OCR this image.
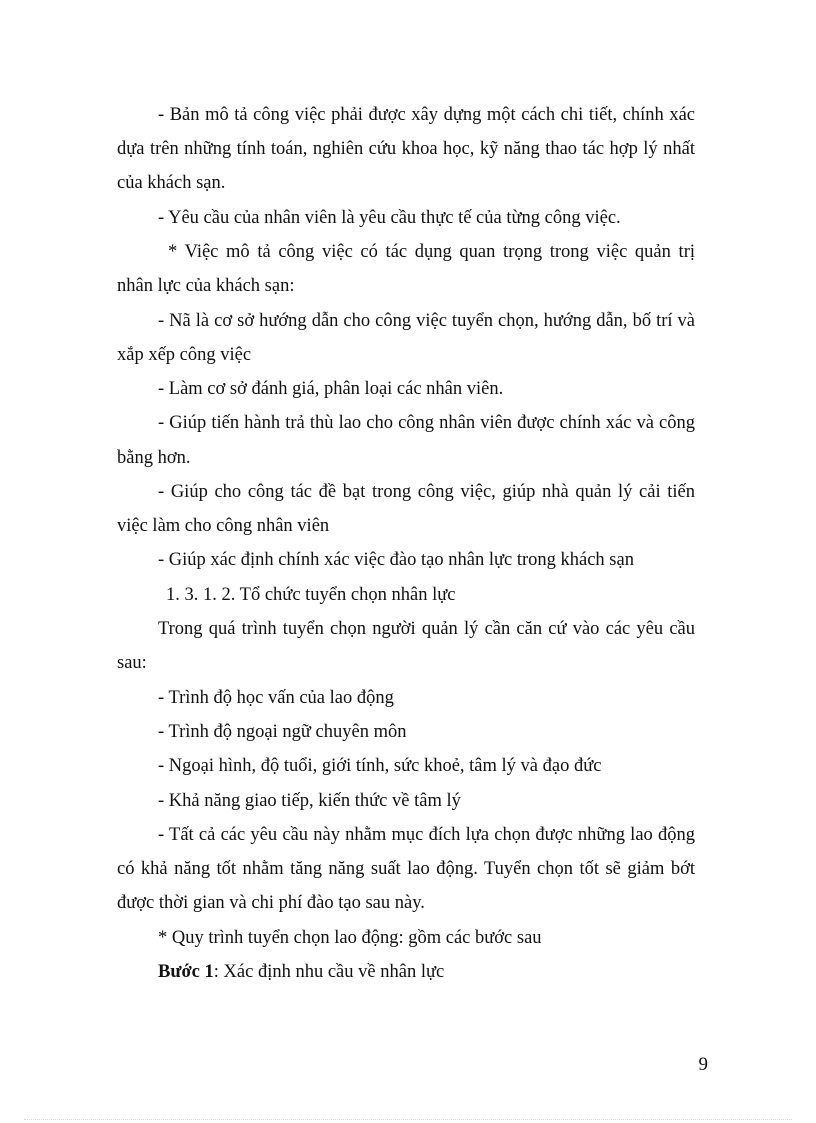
- Bản mô tả công việc phải được xây dựng một cách chi tiết, chính xác
dựa trên những tính toán, nghiên cứu khoa học, kỹ năng thao tác hợp lý nhất
của khách sạn.
- Yêu cầu của nhân viên là yêu cầu thực tế của từng công việc.
* Việc mô tả công việc có tác dụng quan trọng trong việc quản trị
nhân lực của khách sạn:
- Nã là cơ sở hướng dẫn cho công việc tuyển chọn, hướng dẫn, bố trí và
xắp xếp công việc
- Làm cơ sở đánh giá, phân loại các nhân viên.
- Giúp tiến hành trả thù lao cho công nhân viên được chính xác và công
bằng hơn.
- Giúp cho công tác đề bạt trong công việc, giúp nhà quản lý cải tiến
việc làm cho công nhân viên
- Giúp xác định chính xác việc đào tạo nhân lực trong khách sạn
1. 3. 1. 2. Tổ chức tuyển chọn nhân lực
Trong quá trình tuyển chọn người quản lý cần căn cứ vào các yêu cầu
sau:
- Trình độ học vấn của lao động
- Trình độ ngoại ngữ chuyên môn
- Ngoại hình, độ tuổi, giới tính, sức khoẻ, tâm lý và đạo đức
- Khả năng giao tiếp, kiến thức về tâm lý
- Tất cả các yêu cầu này nhằm mục đích lựa chọn được những lao động
có khả năng tốt nhằm tăng năng suất lao động. Tuyển chọn tốt sẽ giảm bớt
được thời gian và chi phí đào tạo sau này.
* Quy trình tuyển chọn lao động: gồm các bước sau
Bước 1: Xác định nhu cầu về nhân lực
9
